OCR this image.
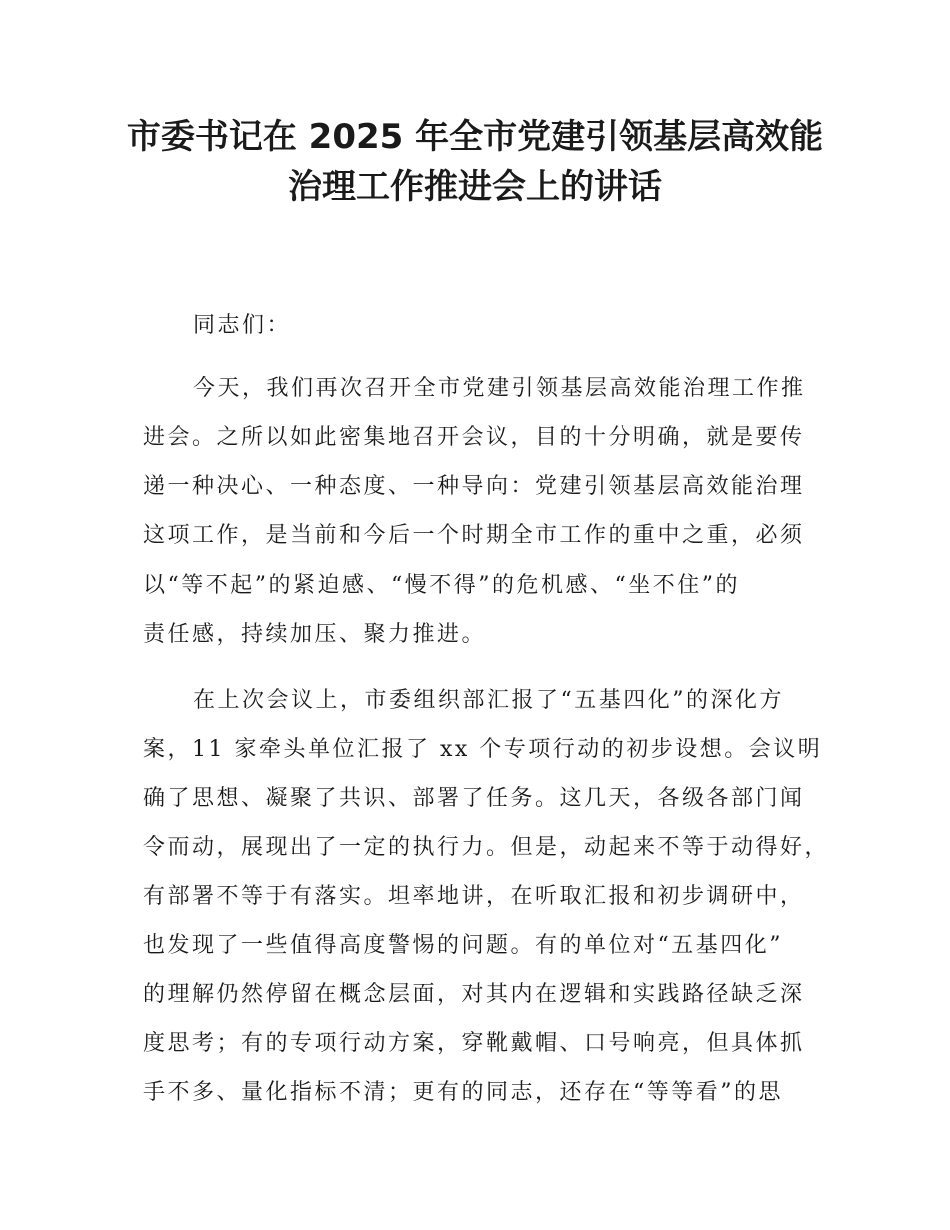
市委书记在 2025 年全市党建引领基层高效能
治理工作推进会上的讲话
同志们：
今天，我们再次召开全市党建引领基层高效能治理工作推
进会。之所以如此密集地召开会议，目的十分明确，就是要传
递一种决心、一种态度、一种导向：党建引领基层高效能治理
这项工作，是当前和今后一个时期全市工作的重中之重，必须
以“等不起”的紧迫感、“慢不得”的危机感、“坐不住”的
责任感，持续加压、聚力推进。
在上次会议上，市委组织部汇报了“五基四化”的深化方
案，11 家牵头单位汇报了 xx 个专项行动的初步设想。会议明
确了思想、凝聚了共识、部署了任务。这几天，各级各部门闻
令而动，展现出了一定的执行力。但是，动起来不等于动得好，
有部署不等于有落实。坦率地讲，在听取汇报和初步调研中，
也发现了一些值得高度警惕的问题。有的单位对“五基四化”
的理解仍然停留在概念层面，对其内在逻辑和实践路径缺乏深
度思考；有的专项行动方案，穿靴戴帽、口号响亮，但具体抓
手不多、量化指标不清；更有的同志，还存在“等等看”的思
